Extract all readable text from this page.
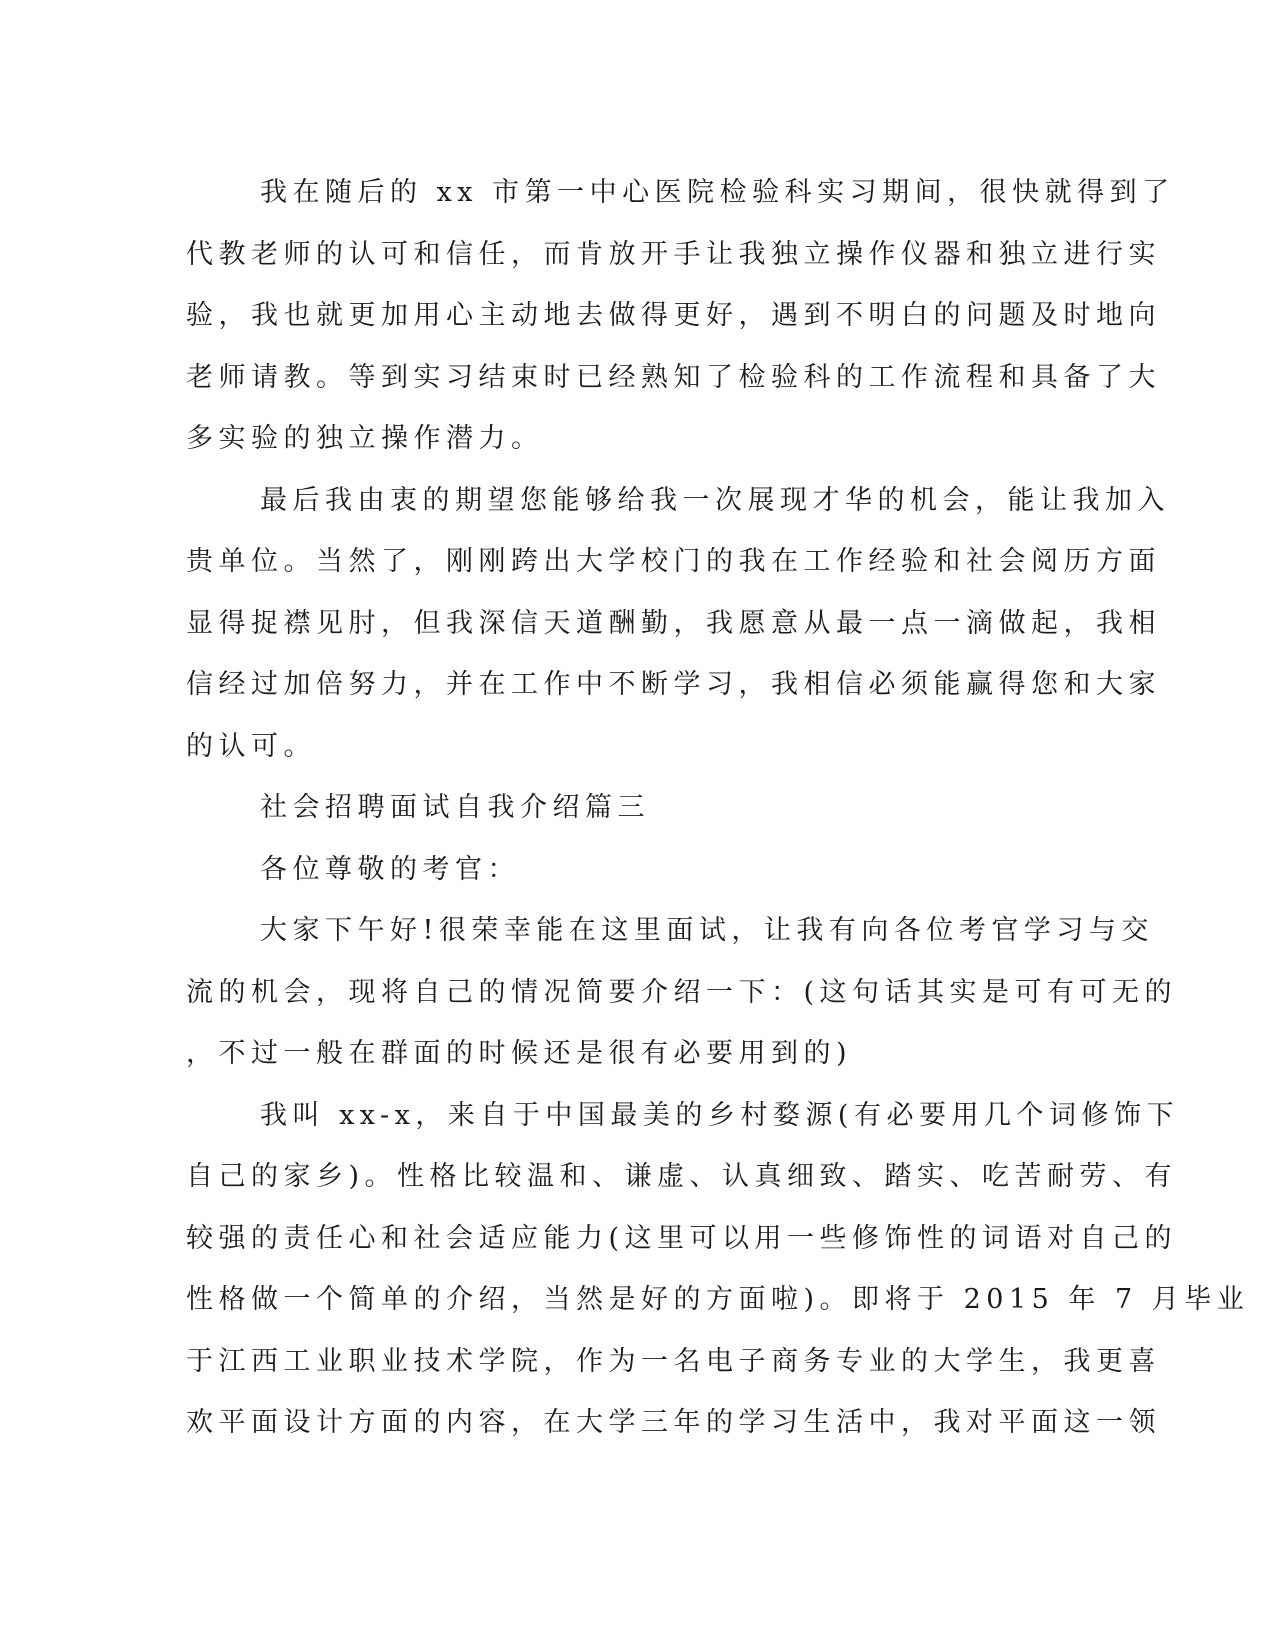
我在随后的 xx 市第一中心医院检验科实习期间，很快就得到了
代教老师的认可和信任，而肯放开手让我独立操作仪器和独立进行实
验，我也就更加用心主动地去做得更好，遇到不明白的问题及时地向
老师请教。等到实习结束时已经熟知了检验科的工作流程和具备了大
多实验的独立操作潜力。
最后我由衷的期望您能够给我一次展现才华的机会，能让我加入
贵单位。当然了，刚刚跨出大学校门的我在工作经验和社会阅历方面
显得捉襟见肘，但我深信天道酬勤，我愿意从最一点一滴做起，我相
信经过加倍努力，并在工作中不断学习，我相信必须能赢得您和大家
的认可。
社会招聘面试自我介绍篇三
各位尊敬的考官：
大家下午好!很荣幸能在这里面试，让我有向各位考官学习与交
流的机会，现将自己的情况简要介绍一下：(这句话其实是可有可无的
，不过一般在群面的时候还是很有必要用到的)
我叫 xx-x，来自于中国最美的乡村婺源(有必要用几个词修饰下
自己的家乡)。性格比较温和、谦虚、认真细致、踏实、吃苦耐劳、有
较强的责任心和社会适应能力(这里可以用一些修饰性的词语对自己的
性格做一个简单的介绍，当然是好的方面啦)。即将于 2015 年 7 月毕业
于江西工业职业技术学院，作为一名电子商务专业的大学生，我更喜
欢平面设计方面的内容，在大学三年的学习生活中，我对平面这一领
